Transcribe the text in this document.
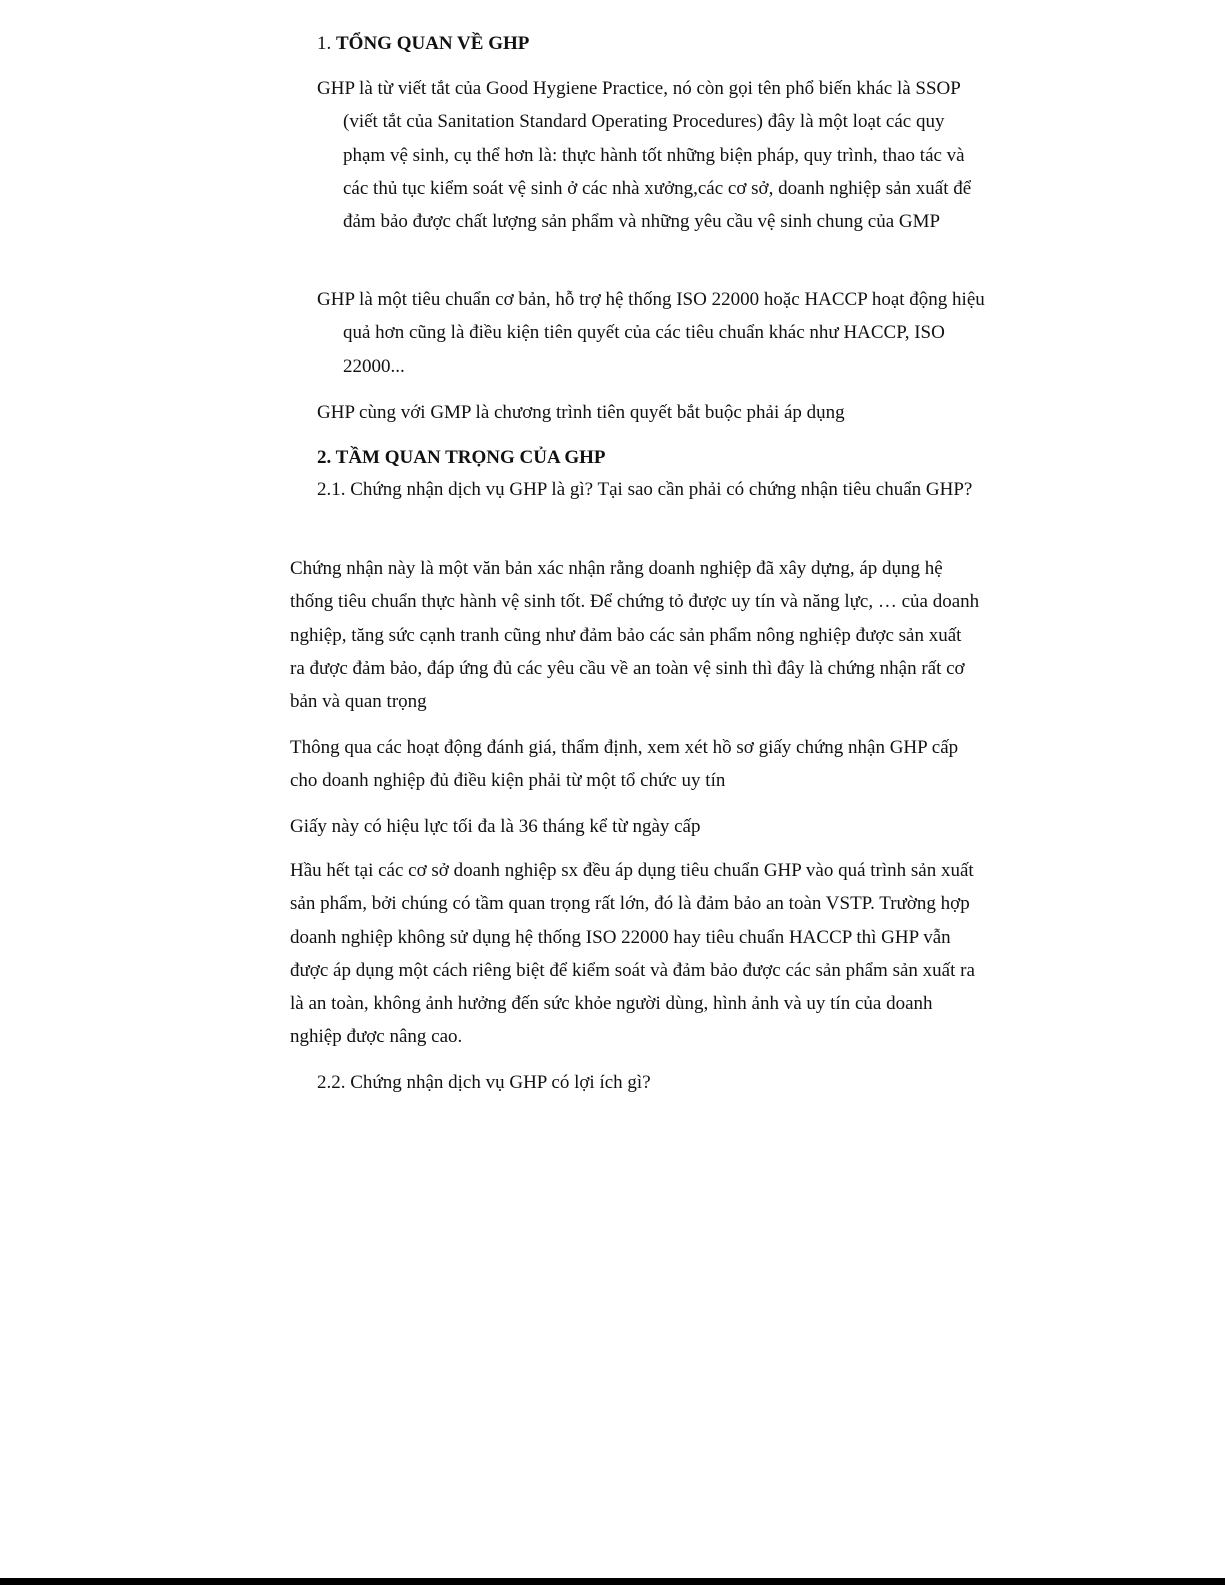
1. TỔNG QUAN VỀ GHP

GHP là từ viết tắt của Good Hygiene Practice, nó còn gọi tên phổ biến khác là SSOP (viết tắt của Sanitation Standard Operating Procedures) đây là một loạt các quy phạm vệ sinh, cụ thể hơn là: thực hành tốt những biện pháp, quy trình, thao tác và các thủ tục kiểm soát vệ sinh ở các nhà xưởng,các cơ sở, doanh nghiệp sản xuất để đảm bảo được chất lượng sản phẩm và những yêu cầu vệ sinh chung của GMP

GHP là một tiêu chuẩn cơ bản, hỗ trợ hệ thống ISO 22000 hoặc HACCP hoạt động hiệu quả hơn cũng là điều kiện tiên quyết của các tiêu chuẩn khác như HACCP, ISO 22000...

GHP cùng với GMP là chương trình tiên quyết bắt buộc phải áp dụng

2. TẦM QUAN TRỌNG CỦA GHP

2.1. Chứng nhận dịch vụ GHP là gì? Tại sao cần phải có chứng nhận tiêu chuẩn GHP?

Chứng nhận này là một văn bản xác nhận rằng doanh nghiệp đã xây dựng, áp dụng hệ thống tiêu chuẩn thực hành vệ sinh tốt. Để chứng tỏ được uy tín và năng lực, … của doanh nghiệp, tăng sức cạnh tranh cũng như đảm bảo các sản phẩm nông nghiệp được sản xuất ra được đảm bảo, đáp ứng đủ các yêu cầu về an toàn vệ sinh thì đây là chứng nhận rất cơ bản và quan trọng

Thông qua các hoạt động đánh giá, thẩm định, xem xét hồ sơ giấy chứng nhận GHP cấp cho doanh nghiệp đủ điều kiện phải từ một tổ chức uy tín

Giấy này có hiệu lực tối đa là 36 tháng kể từ ngày cấp

Hầu hết tại các cơ sở doanh nghiệp sx đều áp dụng tiêu chuẩn GHP vào quá trình sản xuất sản phẩm, bởi chúng có tầm quan trọng rất lớn, đó là đảm bảo an toàn VSTP. Trường hợp doanh nghiệp không sử dụng hệ thống ISO 22000 hay tiêu chuẩn HACCP thì GHP vẫn được áp dụng một cách riêng biệt để kiểm soát và đảm bảo được các sản phẩm sản xuất ra là an toàn, không ảnh hưởng đến sức khỏe người dùng, hình ảnh và uy tín của doanh nghiệp được nâng cao.

2.2. Chứng nhận dịch vụ GHP có lợi ích gì?
